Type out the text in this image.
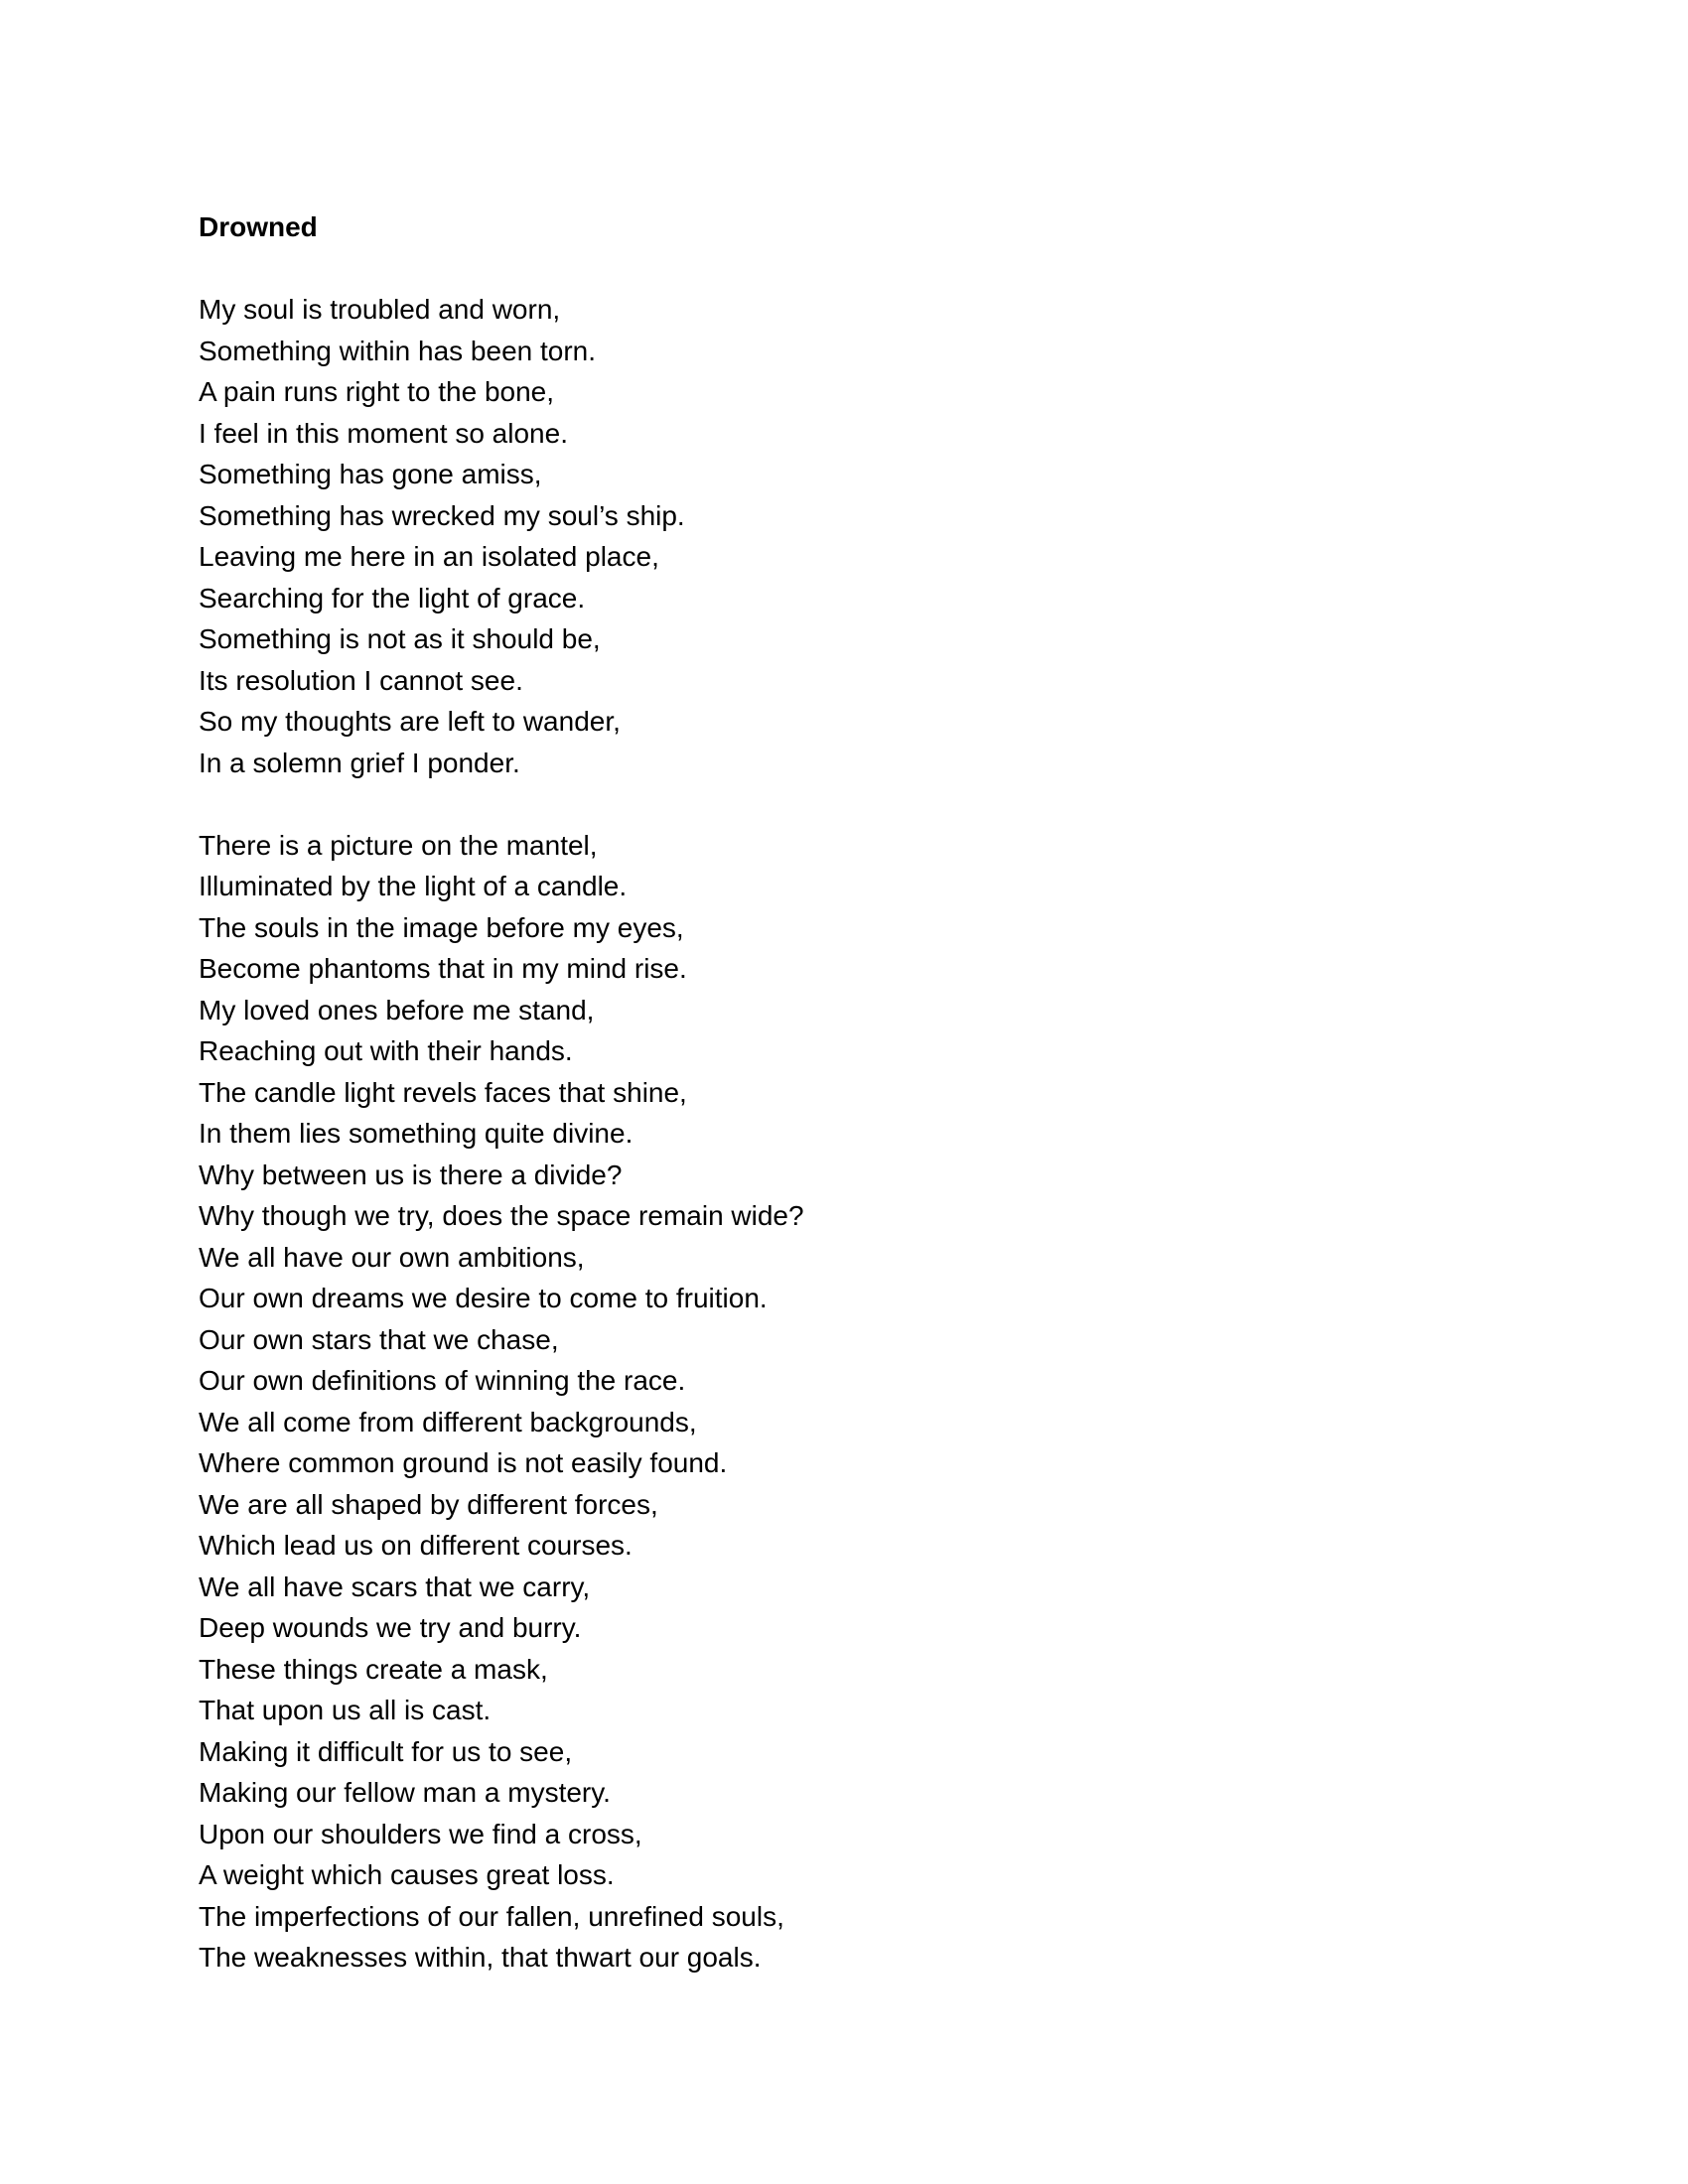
Drowned
My soul is troubled and worn,
Something within has been torn.
A pain runs right to the bone,
I feel in this moment so alone.
Something has gone amiss,
Something has wrecked my soul’s ship.
Leaving me here in an isolated place,
Searching for the light of grace.
Something is not as it should be,
Its resolution I cannot see.
So my thoughts are left to wander,
In a solemn grief I ponder.
There is a picture on the mantel,
Illuminated by the light of a candle.
The souls in the image before my eyes,
Become phantoms that in my mind rise.
My loved ones before me stand,
Reaching out with their hands.
The candle light revels faces that shine,
In them lies something quite divine.
Why between us is there a divide?
Why though we try, does the space remain wide?
We all have our own ambitions,
Our own dreams we desire to come to fruition.
Our own stars that we chase,
Our own definitions of winning the race.
We all come from different backgrounds,
Where common ground is not easily found.
We are all shaped by different forces,
Which lead us on different courses.
We all have scars that we carry,
Deep wounds we try and burry.
These things create a mask,
That upon us all is cast.
Making it difficult for us to see,
Making our fellow man a mystery.
Upon our shoulders we find a cross,
A weight which causes great loss.
The imperfections of our fallen, unrefined souls,
The weaknesses within, that thwart our goals.
